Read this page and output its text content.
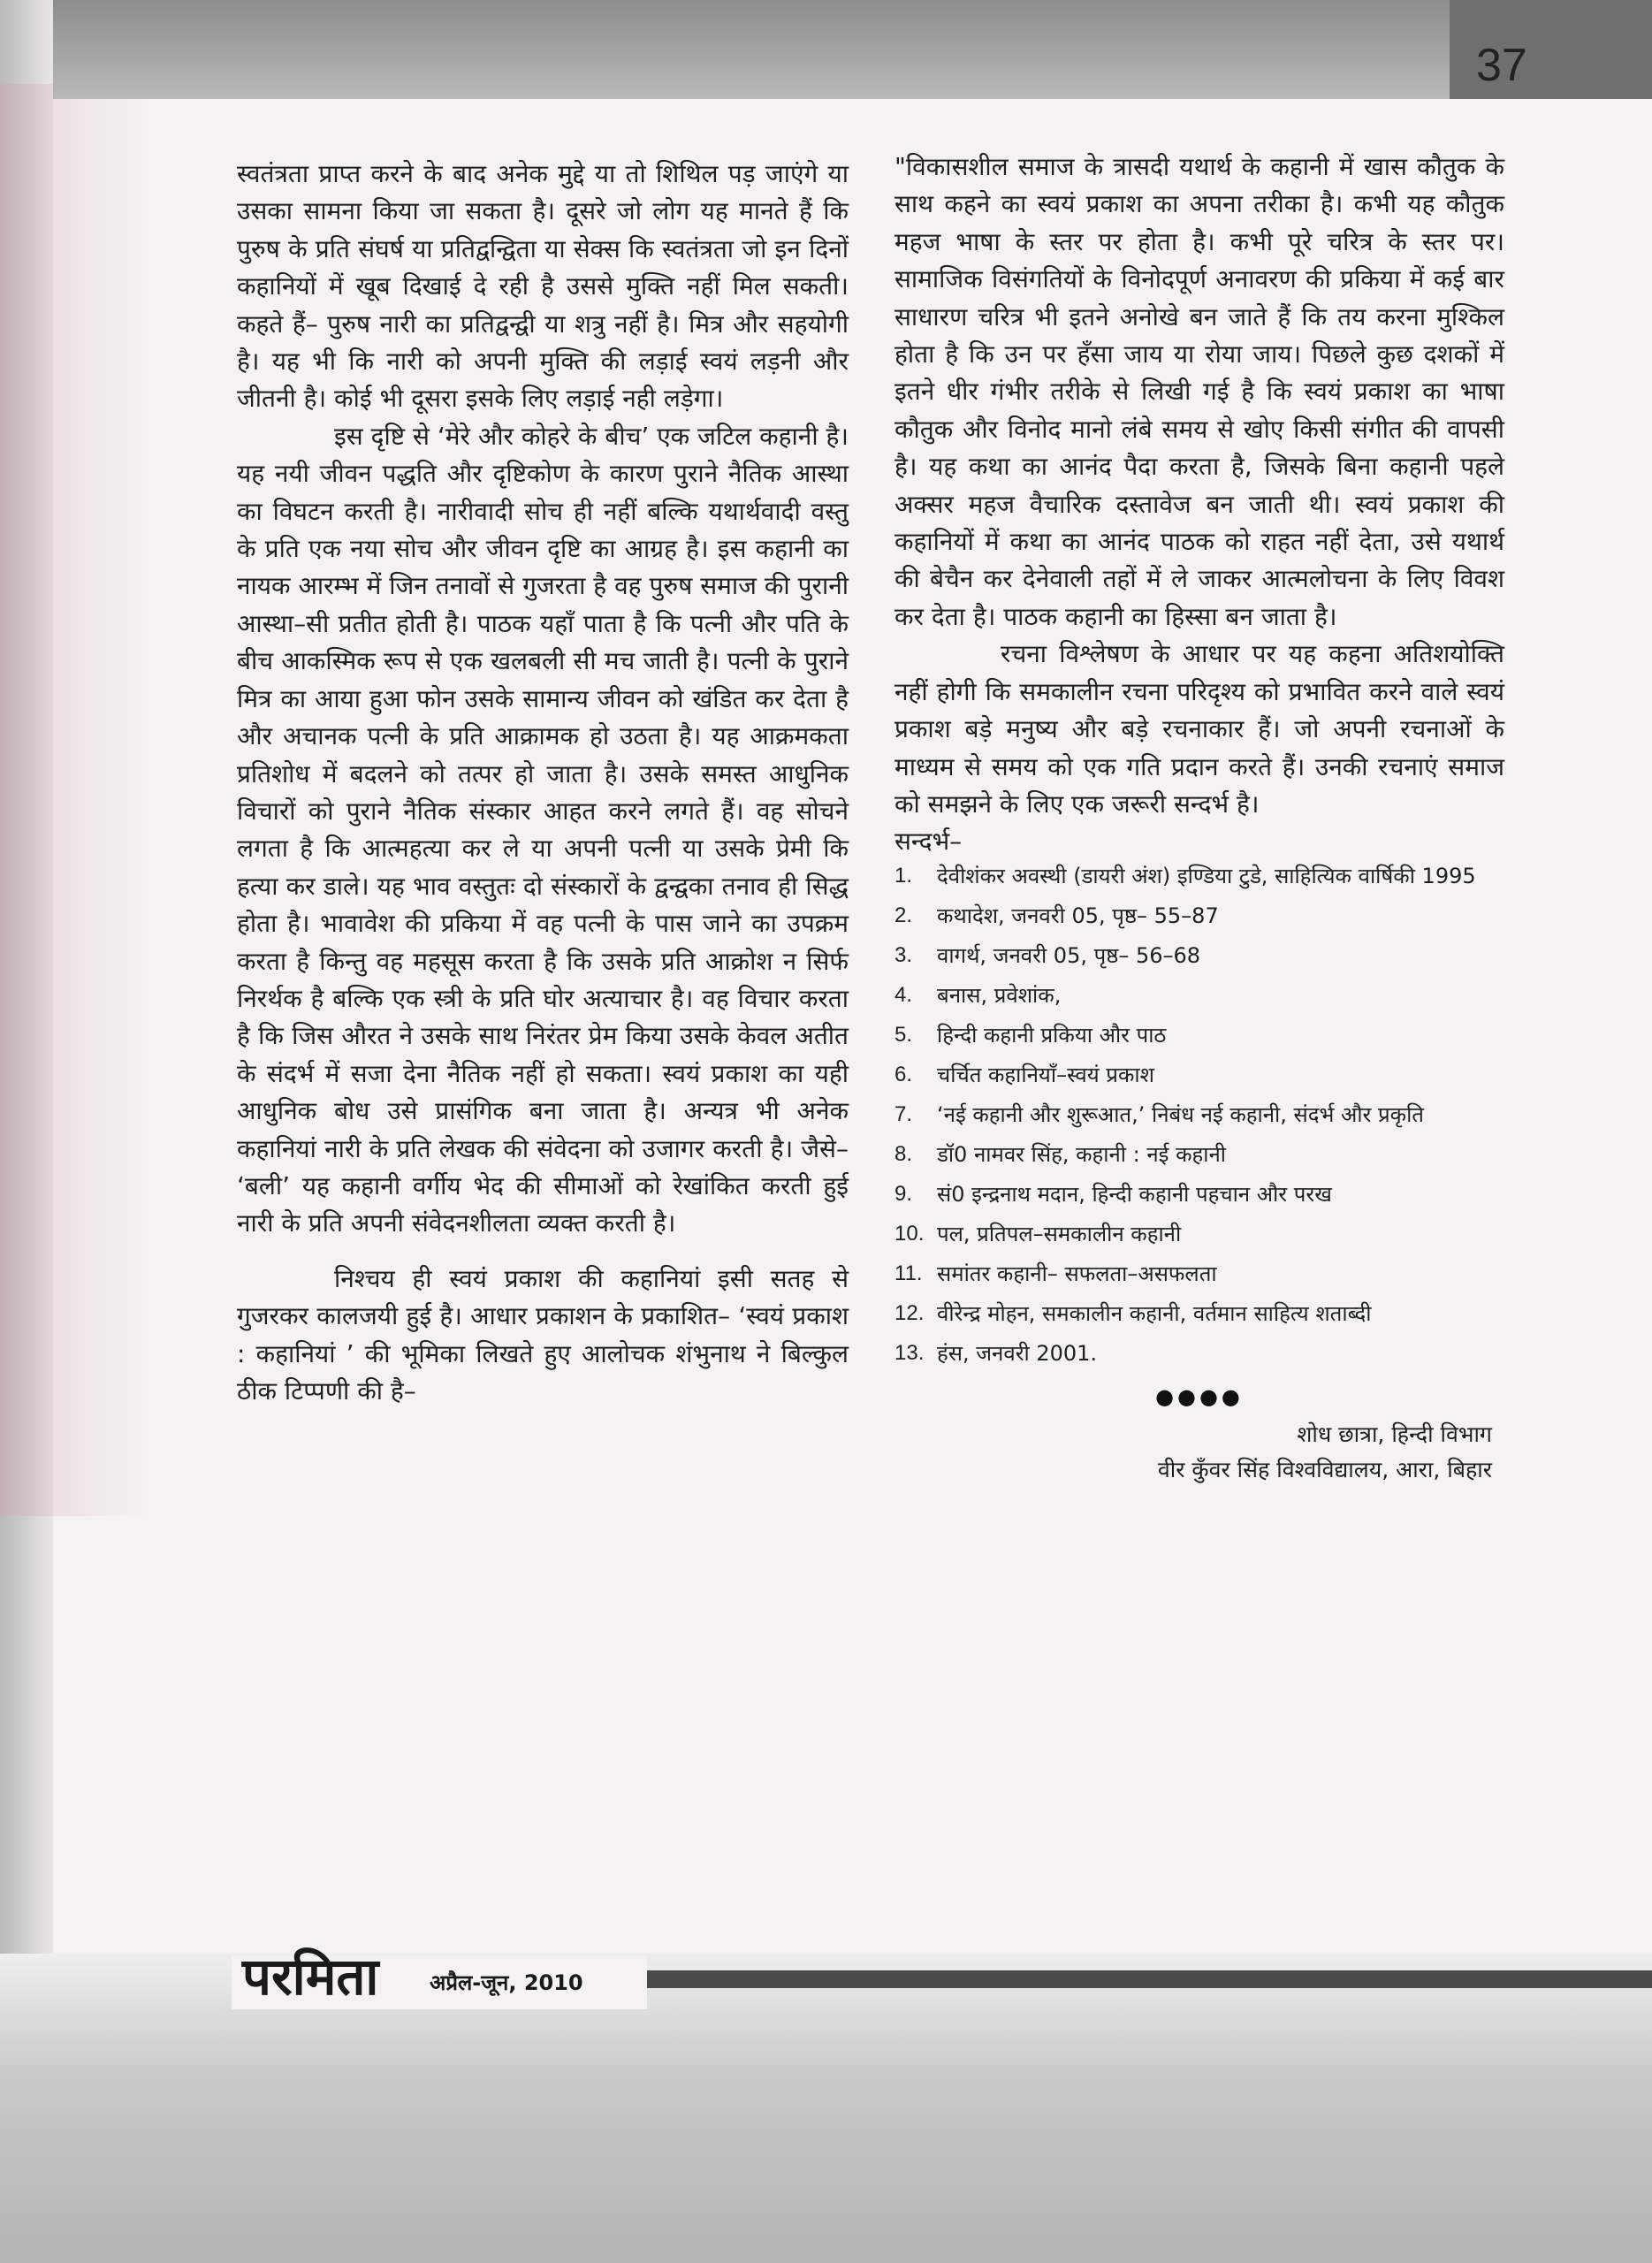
37

स्वतंत्रता प्राप्त करने के बाद अनेक मुद्दे या तो शिथिल पड़ जाएंगे या उसका सामना किया जा सकता है। दूसरे जो लोग यह मानते हैं कि पुरुष के प्रति संघर्ष या प्रतिद्वन्द्विता या सेक्स कि स्वतंत्रता जो इन दिनों कहानियों में खूब दिखाई दे रही है उससे मुक्ति नहीं मिल सकती। कहते हैं– पुरुष नारी का प्रतिद्वन्द्वी या शत्रु नहीं है। मित्र और सहयोगी है। यह भी कि नारी को अपनी मुक्ति की लड़ाई स्वयं लड़नी और जीतनी है। कोई भी दूसरा इसके लिए लड़ाई नही लड़ेगा।

इस दृष्टि से ‘मेरे और कोहरे के बीच’ एक जटिल कहानी है। यह नयी जीवन पद्धति और दृष्टिकोण के कारण पुराने नैतिक आस्था का विघटन करती है। नारीवादी सोच ही नहीं बल्कि यथार्थवादी वस्तु के प्रति एक नया सोच और जीवन दृष्टि का आग्रह है। इस कहानी का नायक आरम्भ में जिन तनावों से गुजरता है वह पुरुष समाज की पुरानी आस्था–सी प्रतीत होती है। पाठक यहाँ पाता है कि पत्नी और पति के बीच आकस्मिक रूप से एक खलबली सी मच जाती है। पत्नी के पुराने मित्र का आया हुआ फोन उसके सामान्य जीवन को खंडित कर देता है और अचानक पत्नी के प्रति आक्रामक हो उठता है। यह आक्रमकता प्रतिशोध में बदलने को तत्पर हो जाता है। उसके समस्त आधुनिक विचारों को पुराने नैतिक संस्कार आहत करने लगते हैं। वह सोचने लगता है कि आत्महत्या कर ले या अपनी पत्नी या उसके प्रेमी कि हत्या कर डाले। यह भाव वस्तुतः दो संस्कारों के द्वन्द्वका तनाव ही सिद्ध होता है। भावावेश की प्रकिया में वह पत्नी के पास जाने का उपक्रम करता है किन्तु वह महसूस करता है कि उसके प्रति आक्रोश न सिर्फ निरर्थक है बल्कि एक स्त्री के प्रति घोर अत्याचार है। वह विचार करता है कि जिस औरत ने उसके साथ निरंतर प्रेम किया उसके केवल अतीत के संदर्भ में सजा देना नैतिक नहीं हो सकता। स्वयं प्रकाश का यही आधुनिक बोध उसे प्रासंगिक बना जाता है। अन्यत्र भी अनेक कहानियां नारी के प्रति लेखक की संवेदना को उजागर करती है। जैसे– ‘बली’ यह कहानी वर्गीय भेद की सीमाओं को रेखांकित करती हुई नारी के प्रति अपनी संवेदनशीलता व्यक्त करती है।

निश्चय ही स्वयं प्रकाश की कहानियां इसी सतह से गुजरकर कालजयी हुई है। आधार प्रकाशन के प्रकाशित– ‘स्वयं प्रकाश : कहानियां ’ की भूमिका लिखते हुए आलोचक शंभुनाथ ने बिल्कुल ठीक टिप्पणी की है–

"विकासशील समाज के त्रासदी यथार्थ के कहानी में खास कौतुक के साथ कहने का स्वयं प्रकाश का अपना तरीका है। कभी यह कौतुक महज भाषा के स्तर पर होता है। कभी पूरे चरित्र के स्तर पर। सामाजिक विसंगतियों के विनोदपूर्ण अनावरण की प्रकिया में कई बार साधारण चरित्र भी इतने अनोखे बन जाते हैं कि तय करना मुश्किल होता है कि उन पर हँसा जाय या रोया जाय। पिछले कुछ दशकों में इतने धीर गंभीर तरीके से लिखी गई है कि स्वयं प्रकाश का भाषा कौतुक और विनोद मानो लंबे समय से खोए किसी संगीत की वापसी है। यह कथा का आनंद पैदा करता है, जिसके बिना कहानी पहले अक्सर महज वैचारिक दस्तावेज बन जाती थी। स्वयं प्रकाश की कहानियों में कथा का आनंद पाठक को राहत नहीं देता, उसे यथार्थ की बेचैन कर देनेवाली तहों में ले जाकर आत्मलोचना के लिए विवश कर देता है। पाठक कहानी का हिस्सा बन जाता है।

रचना विश्लेषण के आधार पर यह कहना अतिशयोक्ति नहीं होगी कि समकालीन रचना परिदृश्य को प्रभावित करने वाले स्वयं प्रकाश बड़े मनुष्य और बड़े रचनाकार हैं। जो अपनी रचनाओं के माध्यम से समय को एक गति प्रदान करते हैं। उनकी रचनाएं समाज को समझने के लिए एक जरूरी सन्दर्भ है।

सन्दर्भ–

1.	देवीशंकर अवस्थी (डायरी अंश) इण्डिया टुडे, साहित्यिक वार्षिकी 1995
2.	कथादेश, जनवरी 05, पृष्ठ– 55–87
3.	वागर्थ, जनवरी 05, पृष्ठ– 56–68
4.	बनास, प्रवेशांक,
5.	हिन्दी कहानी प्रकिया और पाठ
6.	चर्चित कहानियाँ–स्वयं प्रकाश
7.	‘नई कहानी और शुरूआत,’ निबंध नई कहानी, संदर्भ और प्रकृति
8.	डॉ0 नामवर सिंह, कहानी : नई कहानी
9.	सं0 इन्द्रनाथ मदान, हिन्दी कहानी पहचान और परख
10. पल, प्रतिपल–समकालीन कहानी
11. समांतर कहानी– सफलता–असफलता
12. वीरेन्द्र मोहन, समकालीन कहानी, वर्तमान साहित्य शताब्दी
13. हंस, जनवरी 2001.
●●●●
शोध छात्रा, हिन्दी विभाग
वीर कुँवर सिंह विश्वविद्यालय, आरा, बिहार
परमिता अप्रैल-जून, 2010
